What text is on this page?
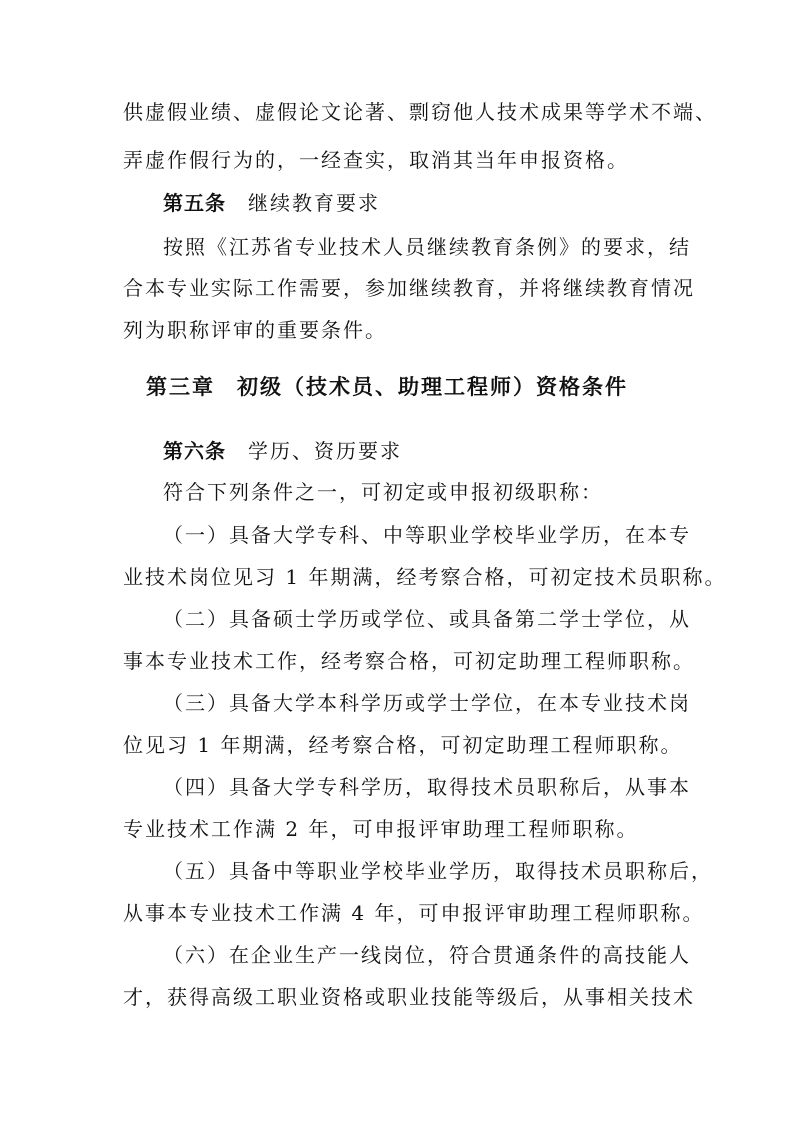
供虚假业绩、虚假论文论著、剽窃他人技术成果等学术不端、
弄虚作假行为的，一经查实，取消其当年申报资格。
第五条 继续教育要求
按照《江苏省专业技术人员继续教育条例》的要求，结
合本专业实际工作需要，参加继续教育，并将继续教育情况
列为职称评审的重要条件。
第三章 初级（技术员、助理工程师）资格条件
第六条 学历、资历要求
符合下列条件之一，可初定或申报初级职称：
（一）具备大学专科、中等职业学校毕业学历，在本专
业技术岗位见习 1 年期满，经考察合格，可初定技术员职称。
（二）具备硕士学历或学位、或具备第二学士学位，从
事本专业技术工作，经考察合格，可初定助理工程师职称。
（三）具备大学本科学历或学士学位，在本专业技术岗
位见习 1 年期满，经考察合格，可初定助理工程师职称。
（四）具备大学专科学历，取得技术员职称后，从事本
专业技术工作满 2 年，可申报评审助理工程师职称。
（五）具备中等职业学校毕业学历，取得技术员职称后，
从事本专业技术工作满 4 年，可申报评审助理工程师职称。
（六）在企业生产一线岗位，符合贯通条件的高技能人
才，获得高级工职业资格或职业技能等级后，从事相关技术
